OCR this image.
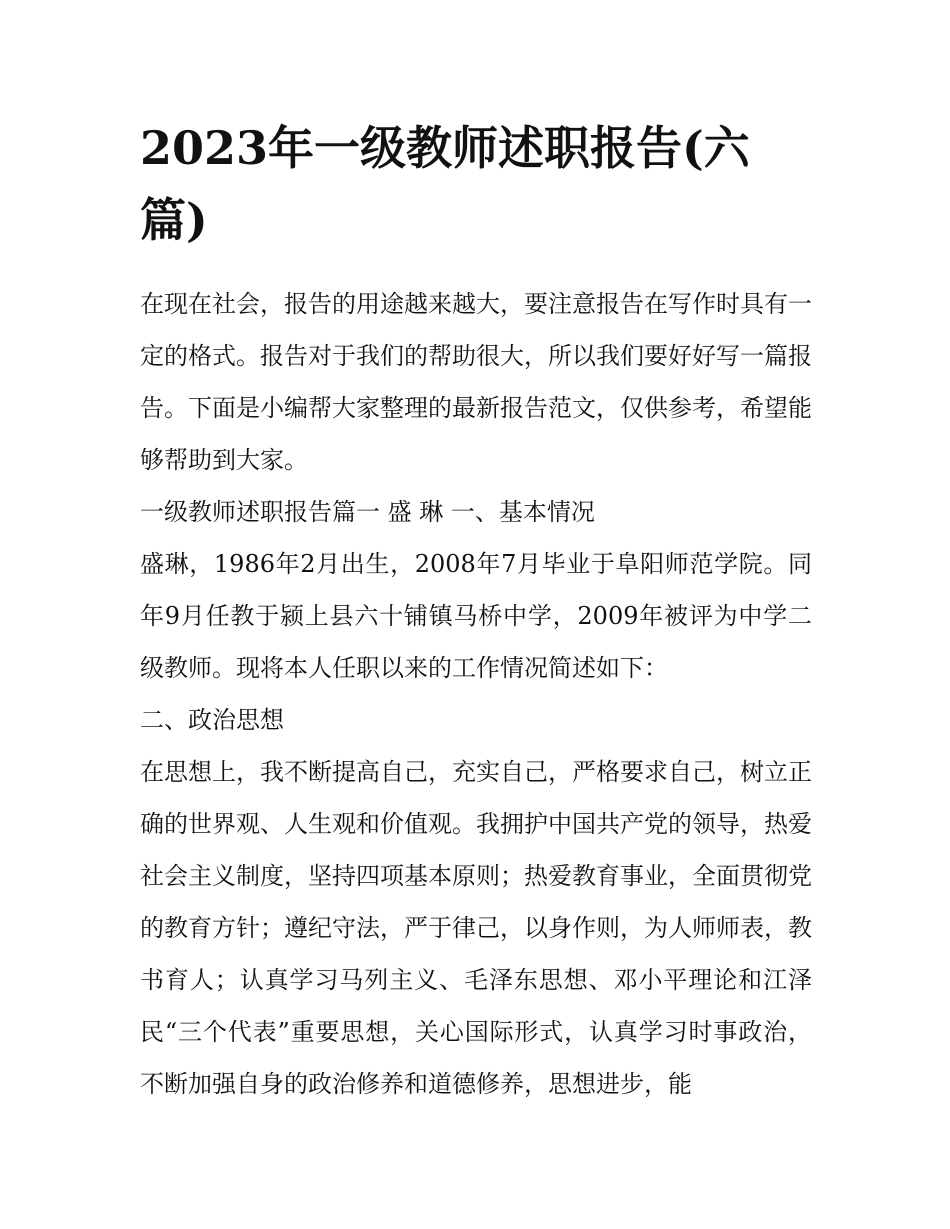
2023年一级教师述职报告(六篇)

在现在社会，报告的用途越来越大，要注意报告在写作时具有一定的格式。报告对于我们的帮助很大，所以我们要好好写一篇报告。下面是小编帮大家整理的最新报告范文，仅供参考，希望能够帮助到大家。

一级教师述职报告篇一 盛 琳 一、基本情况

盛琳，1986年2月出生，2008年7月毕业于阜阳师范学院。同年9月任教于颍上县六十铺镇马桥中学，2009年被评为中学二级教师。现将本人任职以来的工作情况简述如下：

二、政治思想

在思想上，我不断提高自己，充实自己，严格要求自己，树立正确的世界观、人生观和价值观。我拥护中国共产党的领导，热爱社会主义制度，坚持四项基本原则；热爱教育事业，全面贯彻党的教育方针；遵纪守法，严于律己，以身作则，为人师师表，教书育人；认真学习马列主义、毛泽东思想、邓小平理论和江泽民“三个代表”重要思想，关心国际形式，认真学习时事政治，不断加强自身的政治修养和道德修养，思想进步，能
